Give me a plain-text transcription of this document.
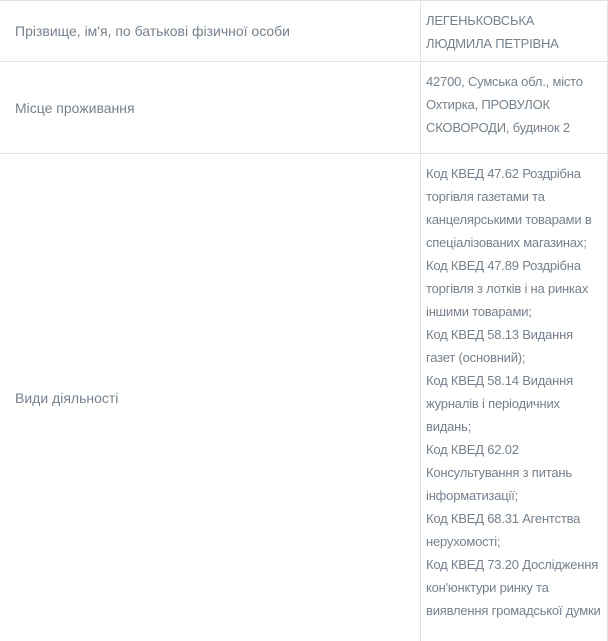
Прізвище, ім'я, по батькові фізичної особи
ЛЕГЕНЬКОВСЬКА ЛЮДМИЛА ПЕТРІВНА
Місце проживання
42700, Сумська обл., місто Охтирка, ПРОВУЛОК СКОВОРОДИ, будинок 2
Види діяльності
Код КВЕД 47.62 Роздрібна торгівля газетами та канцелярськими товарами в спеціалізованих магазинах;
Код КВЕД 47.89 Роздрібна торгівля з лотків і на ринках іншими товарами;
Код КВЕД 58.13 Видання газет (основний);
Код КВЕД 58.14 Видання журналів і періодичних видань;
Код КВЕД 62.02 Консультування з питань інформатизації;
Код КВЕД 68.31 Агентства нерухомості;
Код КВЕД 73.20 Дослідження кон'юнктури ринку та виявлення громадської думки
